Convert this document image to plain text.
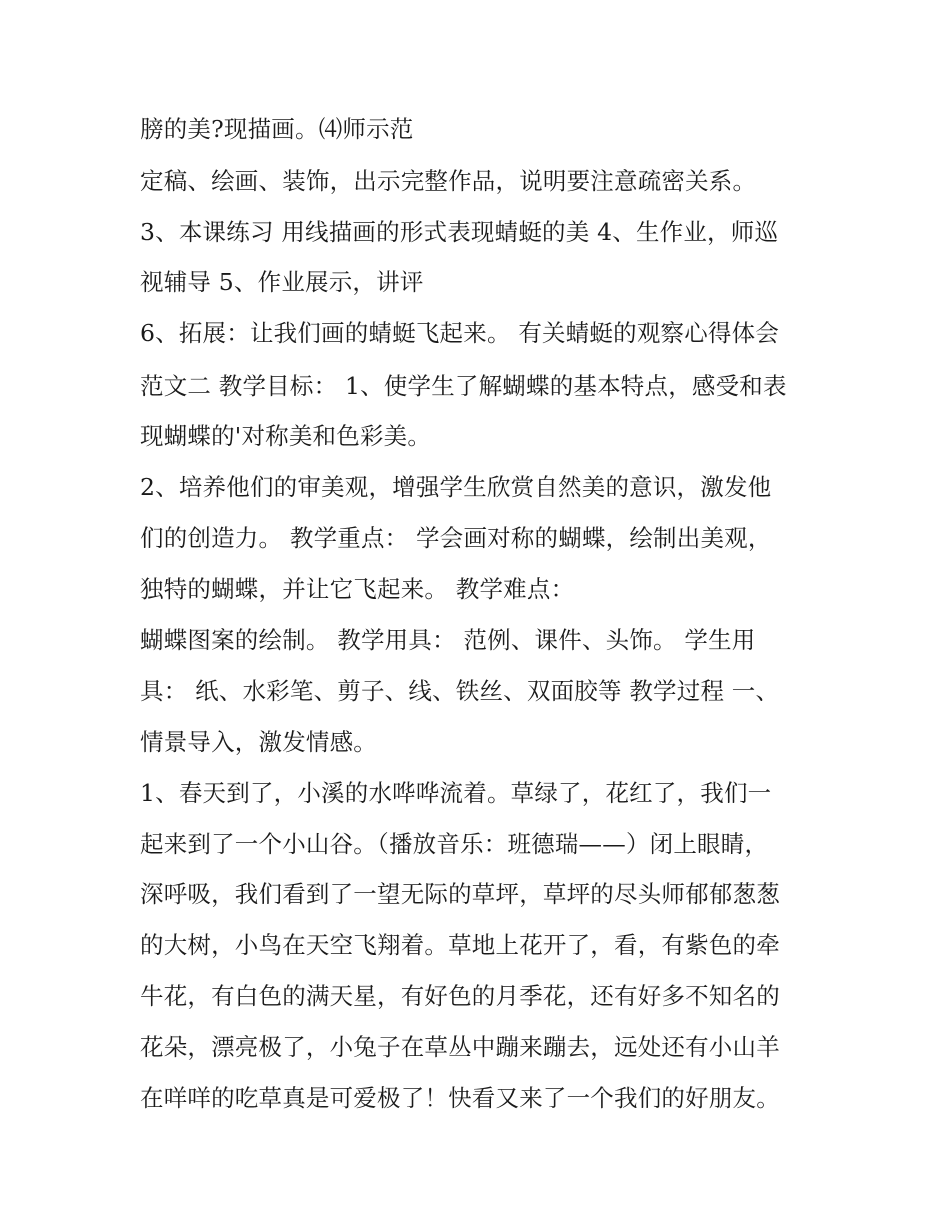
膀的美?现描画。⑷师示范
定稿、绘画、装饰，出示完整作品，说明要注意疏密关系。
3、本课练习 用线描画的形式表现蜻蜓的美 4、生作业，师巡
视辅导 5、作业展示，讲评
6、拓展：让我们画的蜻蜓飞起来。 有关蜻蜓的观察心得体会
范文二 教学目标： 1、使学生了解蝴蝶的基本特点，感受和表
现蝴蝶的'对称美和色彩美。
2、培养他们的审美观，增强学生欣赏自然美的意识，激发他
们的创造力。 教学重点： 学会画对称的蝴蝶，绘制出美观，
独特的蝴蝶，并让它飞起来。 教学难点：
蝴蝶图案的绘制。 教学用具： 范例、课件、头饰。 学生用
具： 纸、水彩笔、剪子、线、铁丝、双面胶等 教学过程 一、
情景导入，激发情感。
1、春天到了，小溪的水哗哗流着。草绿了，花红了，我们一
起来到了一个小山谷。（播放音乐：班德瑞——）闭上眼睛，
深呼吸，我们看到了一望无际的草坪，草坪的尽头师郁郁葱葱
的大树，小鸟在天空飞翔着。草地上花开了，看，有紫色的牵
牛花，有白色的满天星，有好色的月季花，还有好多不知名的
花朵，漂亮极了，小兔子在草丛中蹦来蹦去，远处还有小山羊
在咩咩的吃草真是可爱极了！快看又来了一个我们的好朋友。
